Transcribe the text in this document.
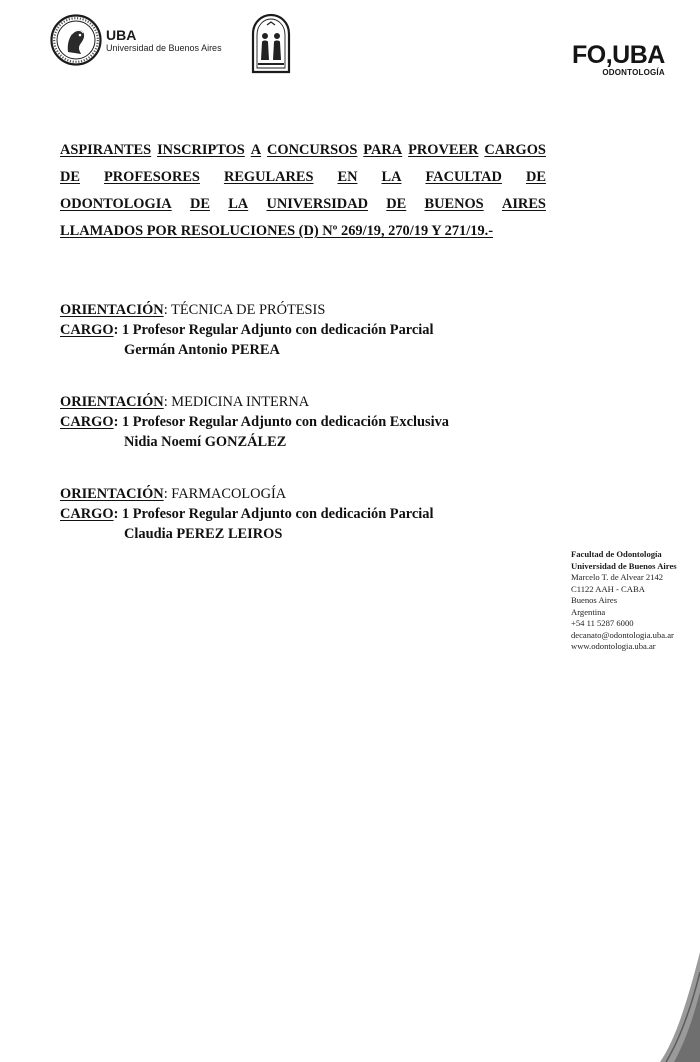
UBA
Universidad de Buenos Aires	FO,UBA
ODONTOLOGÍA
ASPIRANTES INSCRIPTOS A CONCURSOS PARA PROVEER CARGOS
DE PROFESORES REGULARES EN LA FACULTAD DE
ODONTOLOGIA DE LA UNIVERSIDAD DE BUENOS AIRES
LLAMADOS POR RESOLUCIONES (D) Nº 269/19, 270/19 Y 271/19.-
ORIENTACIÓN: TÉCNICA DE PRÓTESIS
CARGO: 1 Profesor Regular Adjunto con dedicación Parcial
Germán Antonio PEREA
ORIENTACIÓN: MEDICINA INTERNA
CARGO: 1 Profesor Regular Adjunto con dedicación Exclusiva
Nidia Noemí GONZÁLEZ
ORIENTACIÓN: FARMACOLOGÍA
CARGO: 1 Profesor Regular Adjunto con dedicación Parcial
Claudia PEREZ LEIROS
Facultad de Odontología
Universidad de Buenos Aires
Marcelo T. de Alvear 2142
C1122 AAH - CABA
Buenos Aires
Argentina
+54 11 5287 6000
decanato@odontologia.uba.ar
www.odontologia.uba.ar
